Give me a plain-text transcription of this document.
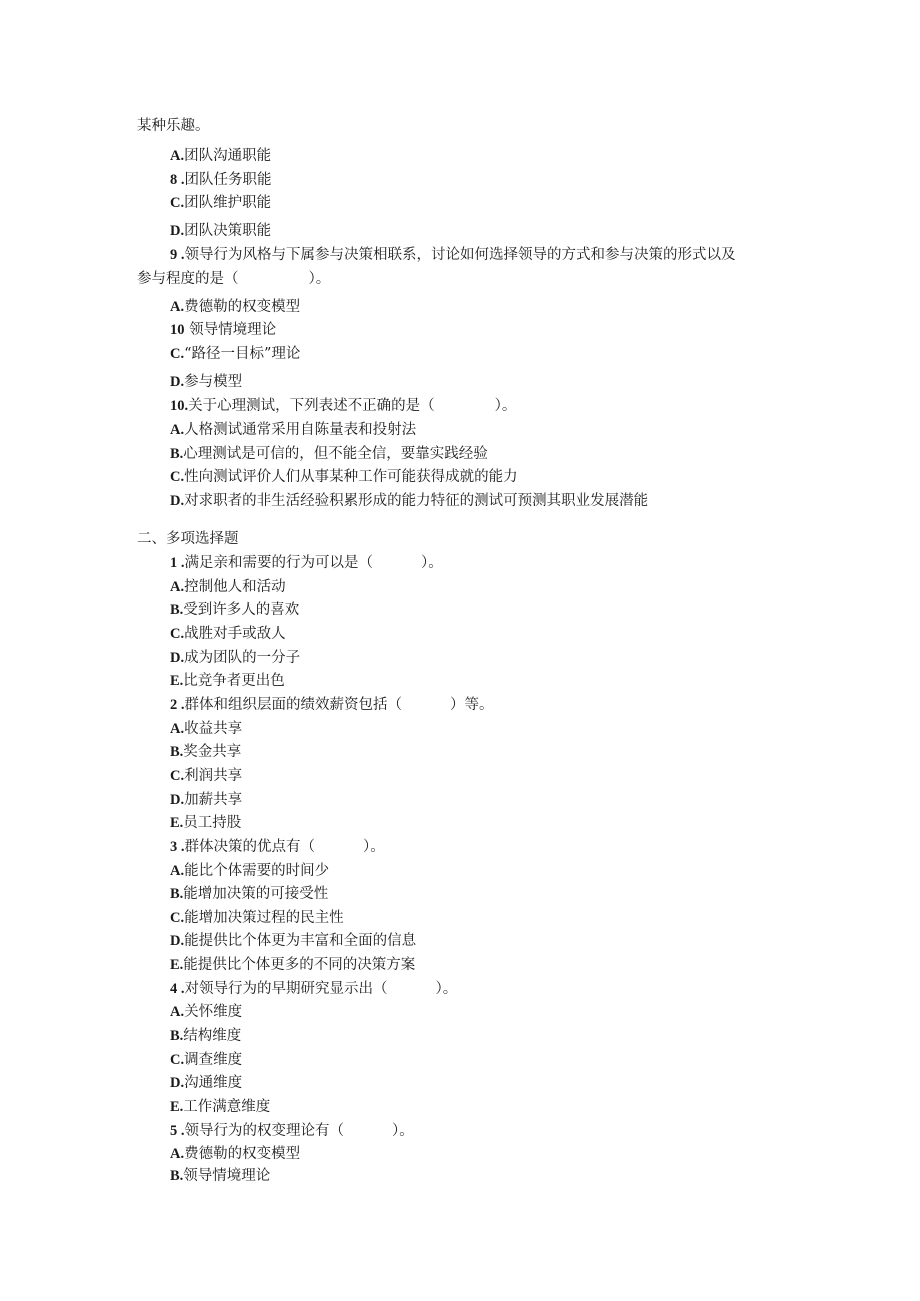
某种乐趣。
A.团队沟通职能
8 .团队任务职能
C.团队维护职能
D.团队决策职能
9 .领导行为风格与下属参与决策相联系，讨论如何选择领导的方式和参与决策的形式以及
参与程度的是（	）。
A.费德勒的权变模型
10 领导情境理论
C.“路径一目标”理论
D.参与模型
10.关于心理测试，下列表述不正确的是（	）。
A.人格测试通常采用自陈量表和投射法
B.心理测试是可信的，但不能全信，要靠实践经验
C.性向测试评价人们从事某种工作可能获得成就的能力
D.对求职者的非生活经验积累形成的能力特征的测试可预测其职业发展潜能
二、多项选择题
1 .满足亲和需要的行为可以是（	）。
A.控制他人和活动
B.受到许多人的喜欢
C.战胜对手或敌人
D.成为团队的一分子
E.比竞争者更出色
2 .群体和组织层面的绩效薪资包括（	）等。
A.收益共享
B.奖金共享
C.利润共享
D.加薪共享
E.员工持股
3 .群体决策的优点有（	）。
A.能比个体需要的时间少
B.能增加决策的可接受性
C.能增加决策过程的民主性
D.能提供比个体更为丰富和全面的信息
E.能提供比个体更多的不同的决策方案
4 .对领导行为的早期研究显示出（	）。
A.关怀维度
B.结构维度
C.调查维度
D.沟通维度
E.工作满意维度
5 .领导行为的权变理论有（	）。
A.费德勒的权变模型
B.领导情境理论
